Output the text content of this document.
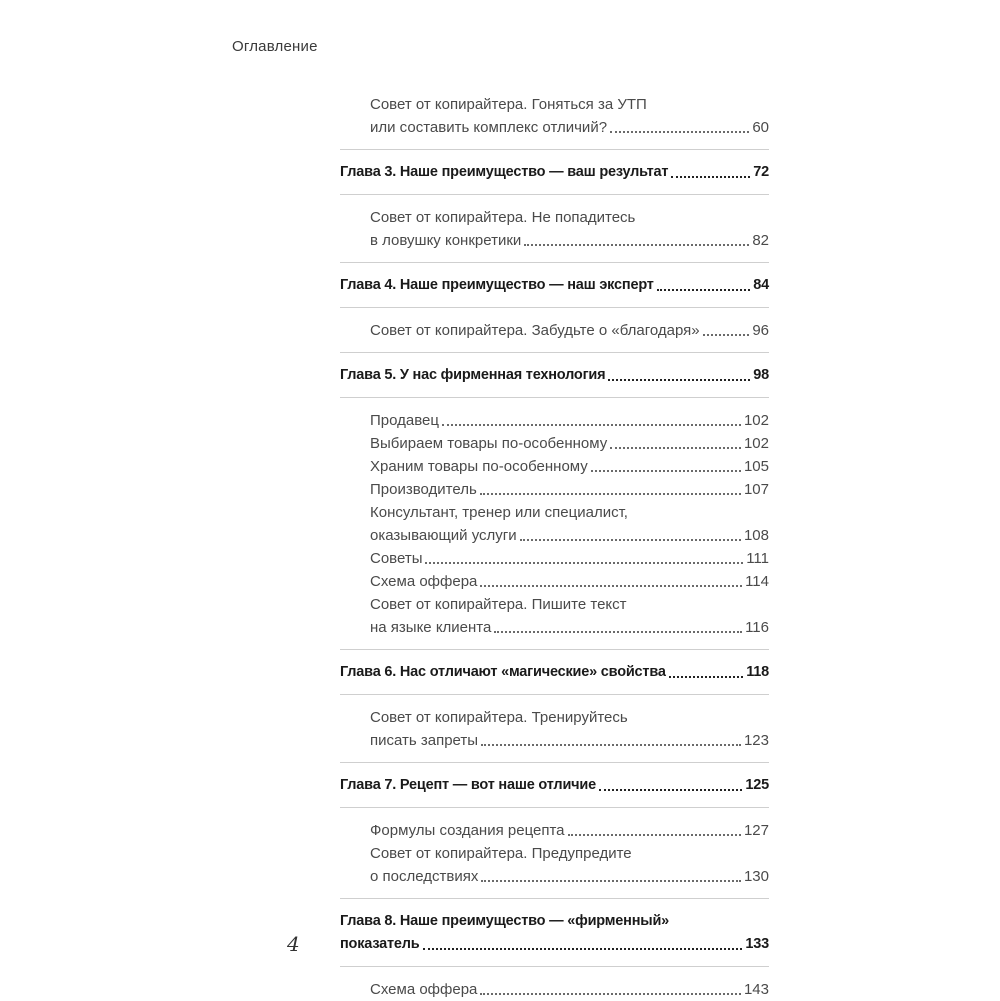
Оглавление
Совет от копирайтера. Гоняться за УТП
или составить комплекс отличий?	60
Глава 3. Наше преимущество — ваш результат	72
Совет от копирайтера. Не попадитесь
в ловушку конкретики	82
Глава 4. Наше преимущество — наш эксперт	84
Совет от копирайтера. Забудьте о «благодаря»	96
Глава 5. У нас фирменная технология	98
Продавец	102
Выбираем товары по-особенному	102
Храним товары по-особенному	105
Производитель	107
Консультант, тренер или специалист,
оказывающий услуги	108
Советы	111
Схема оффера	114
Совет от копирайтера. Пишите текст
на языке клиента	116
Глава 6. Нас отличают «магические» свойства	118
Совет от копирайтера. Тренируйтесь
писать запреты	123
Глава 7. Рецепт — вот наше отличие	125
Формулы создания рецепта	127
Совет от копирайтера. Предупредите
о последствиях	130
Глава 8. Наше преимущество — «фирменный»
показатель	133
Схема оффера	143
4
